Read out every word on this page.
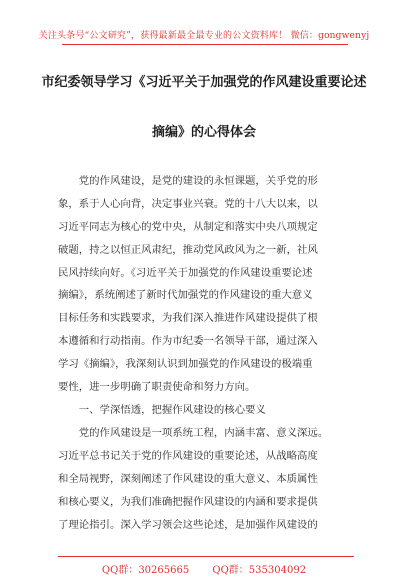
关注头条号“公文研究”，获得最新最全最专业的公文资料库！ 微信：gongwenyj
市纪委领导学习《习近平关于加强党的作风建设重要论述
摘编》的心得体会
　　党的作风建设，是党的建设的永恒课题，关乎党的形
象，系于人心向背，决定事业兴衰。党的十八大以来，以
习近平同志为核心的党中央，从制定和落实中央八项规定
破题，持之以恒正风肃纪，推动党风政风为之一新，社风
民风持续向好。《习近平关于加强党的作风建设重要论述
摘编》，系统阐述了新时代加强党的作风建设的重大意义
目标任务和实践要求，为我们深入推进作风建设提供了根
本遵循和行动指南。作为市纪委一名领导干部，通过深入
学习《摘编》，我深刻认识到加强党的作风建设的极端重
要性，进一步明确了职责使命和努力方向。
　　一、学深悟透，把握作风建设的核心要义
　　党的作风建设是一项系统工程，内涵丰富、意义深远。
习近平总书记关于党的作风建设的重要论述，从战略高度
和全局视野，深刻阐述了作风建设的重大意义、本质属性
和核心要义，为我们准确把握作风建设的内涵和要求提供
了理论指引。深入学习领会这些论述，是加强作风建设的
QQ群：30265665 QQ群：535304092
